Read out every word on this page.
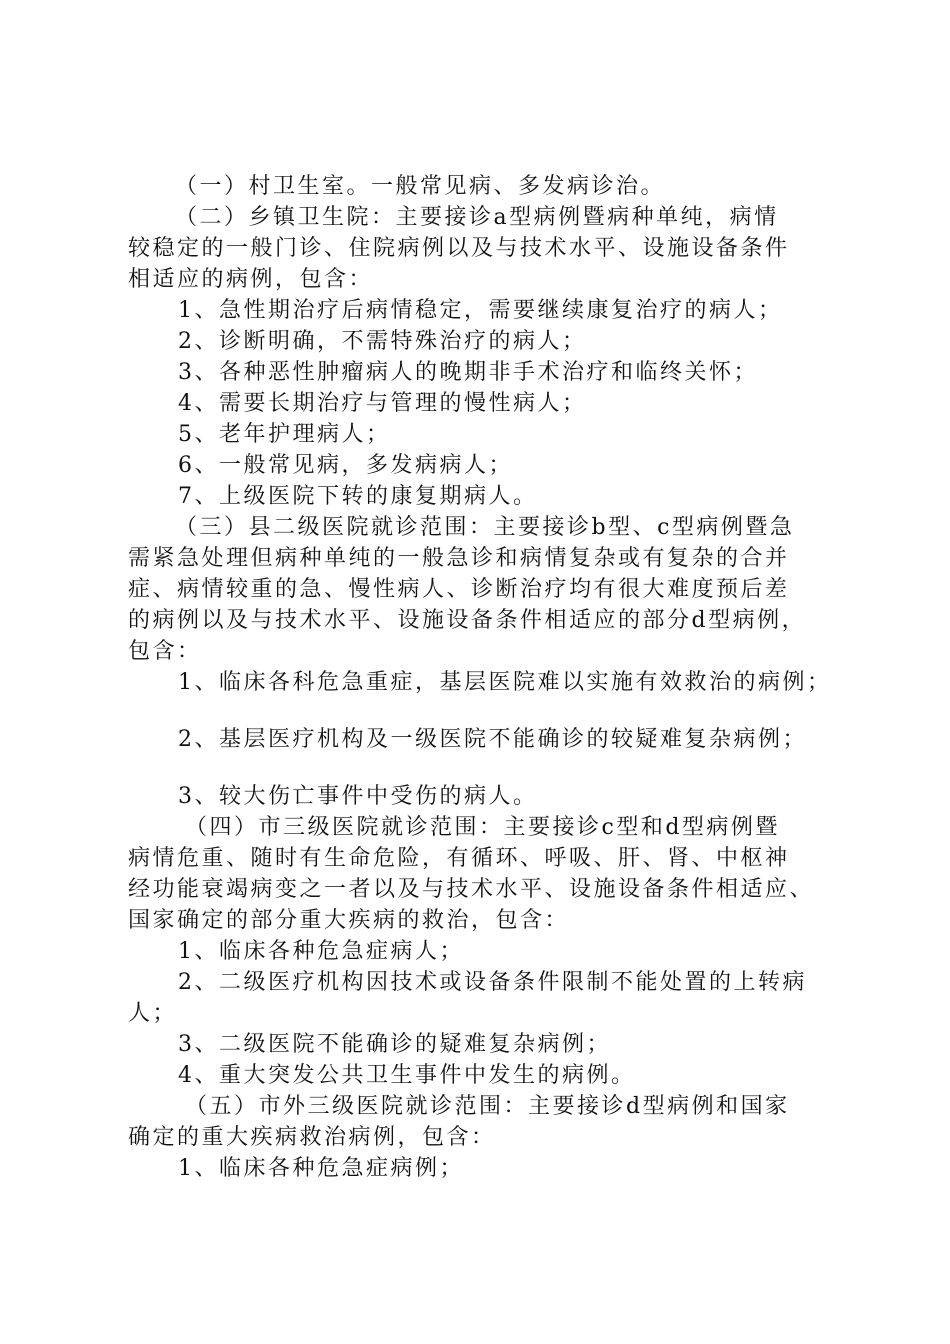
（一）村卫生室。一般常见病、多发病诊治。
（二）乡镇卫生院：主要接诊a型病例暨病种单纯，病情
较稳定的一般门诊、住院病例以及与技术水平、设施设备条件
相适应的病例，包含：
1、急性期治疗后病情稳定，需要继续康复治疗的病人；
2、诊断明确，不需特殊治疗的病人；
3、各种恶性肿瘤病人的晚期非手术治疗和临终关怀；
4、需要长期治疗与管理的慢性病人；
5、老年护理病人；
6、一般常见病，多发病病人；
7、上级医院下转的康复期病人。
（三）县二级医院就诊范围：主要接诊b型、c型病例暨急
需紧急处理但病种单纯的一般急诊和病情复杂或有复杂的合并
症、病情较重的急、慢性病人、诊断治疗均有很大难度预后差
的病例以及与技术水平、设施设备条件相适应的部分d型病例，
包含：
1、临床各科危急重症，基层医院难以实施有效救治的病例；
2、基层医疗机构及一级医院不能确诊的较疑难复杂病例；
3、较大伤亡事件中受伤的病人。
（四）市三级医院就诊范围：主要接诊c型和d型病例暨
病情危重、随时有生命危险，有循环、呼吸、肝、肾、中枢神
经功能衰竭病变之一者以及与技术水平、设施设备条件相适应、
国家确定的部分重大疾病的救治，包含：
1、临床各种危急症病人；
2、二级医疗机构因技术或设备条件限制不能处置的上转病
人；
3、二级医院不能确诊的疑难复杂病例；
4、重大突发公共卫生事件中发生的病例。
（五）市外三级医院就诊范围：主要接诊d型病例和国家
确定的重大疾病救治病例，包含：
1、临床各种危急症病例；
